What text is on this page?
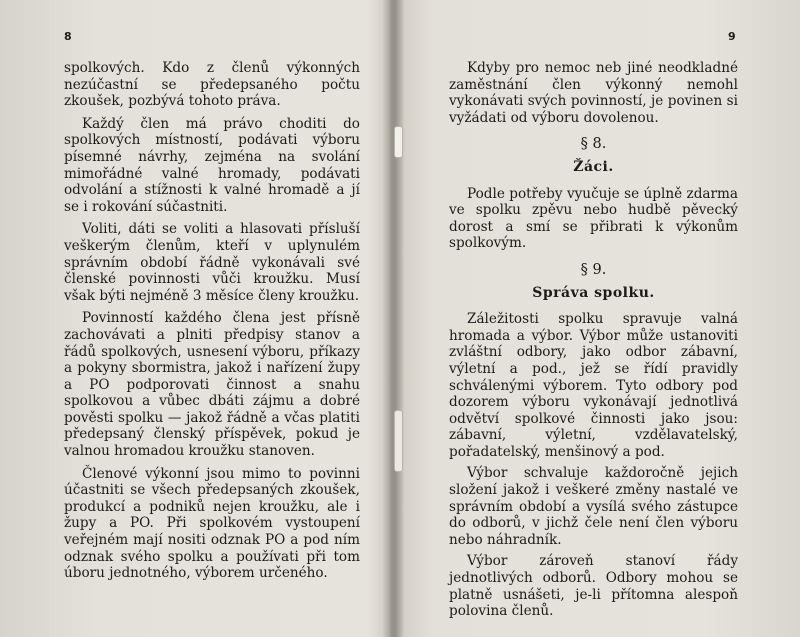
8

spolkových. Kdo z členů výkonných nezúčastní se předepsaného počtu zkoušek, pozbývá tohoto práva.

Každý člen má právo choditi do spolkových místností, podávati výboru písemné návrhy, zejména na svolání mimořádné valné hromady, podávati odvolání a stížnosti k valné hromadě a jí se i rokování súčastniti.

Voliti, dáti se voliti a hlasovati přísluší veškerým členům, kteří v uplynulém správním období řádně vykonávali své členské povinnosti vůči kroužku. Musí však býti nejméně 3 měsíce členy kroužku.

Povinností každého člena jest přísně zachovávati a plniti předpisy stanov a řádů spolkových, usnesení výboru, příkazy a pokyny sbormistra, jakož i nařízení župy a PO podporovati činnost a snahu spolkovou a vůbec dbáti zájmu a dobré pověsti spolku — jakož řádně a včas platiti předepsaný členský příspěvek, pokud je valnou hromadou kroužku stanoven.

Členové výkonní jsou mimo to povinni účastniti se všech předepsaných zkoušek, produkcí a podniků nejen kroužku, ale i župy a PO. Při spolkovém vystoupení veřejném mají nositi odznak PO a pod ním odznak svého spolku a používati při tom úboru jednotného, výborem určeného.

9

Kdyby pro nemoc neb jiné neodkladné zaměstnání člen výkonný nemohl vykonávati svých povinností, je povinen si vyžádati od výboru dovolenou.

§ 8.
Žáci.

Podle potřeby vyučuje se úplně zdarma ve spolku zpěvu nebo hudbě pěvecký dorost a smí se přibrati k výkonům spolkovým.

§ 9.
Správa spolku.

Záležitosti spolku spravuje valná hromada a výbor. Výbor může ustanoviti zvláštní odbory, jako odbor zábavní, výletní a pod., jež se řídí pravidly schválenými výborem. Tyto odbory pod dozorem výboru vykonávají jednotlivá odvětví spolkové činnosti jako jsou: zábavní, výletní, vzdělavatelský, pořadatelský, menšinový a pod.

Výbor schvaluje každoročně jejich složení jakož i veškeré změny nastalé ve správním období a vysílá svého zástupce do odborů, v jichž čele není člen výboru nebo náhradník.

Výbor zároveň stanoví řády jednotlivých odborů. Odbory mohou se platně usnášeti, je-li přítomna alespoň polovina členů.
